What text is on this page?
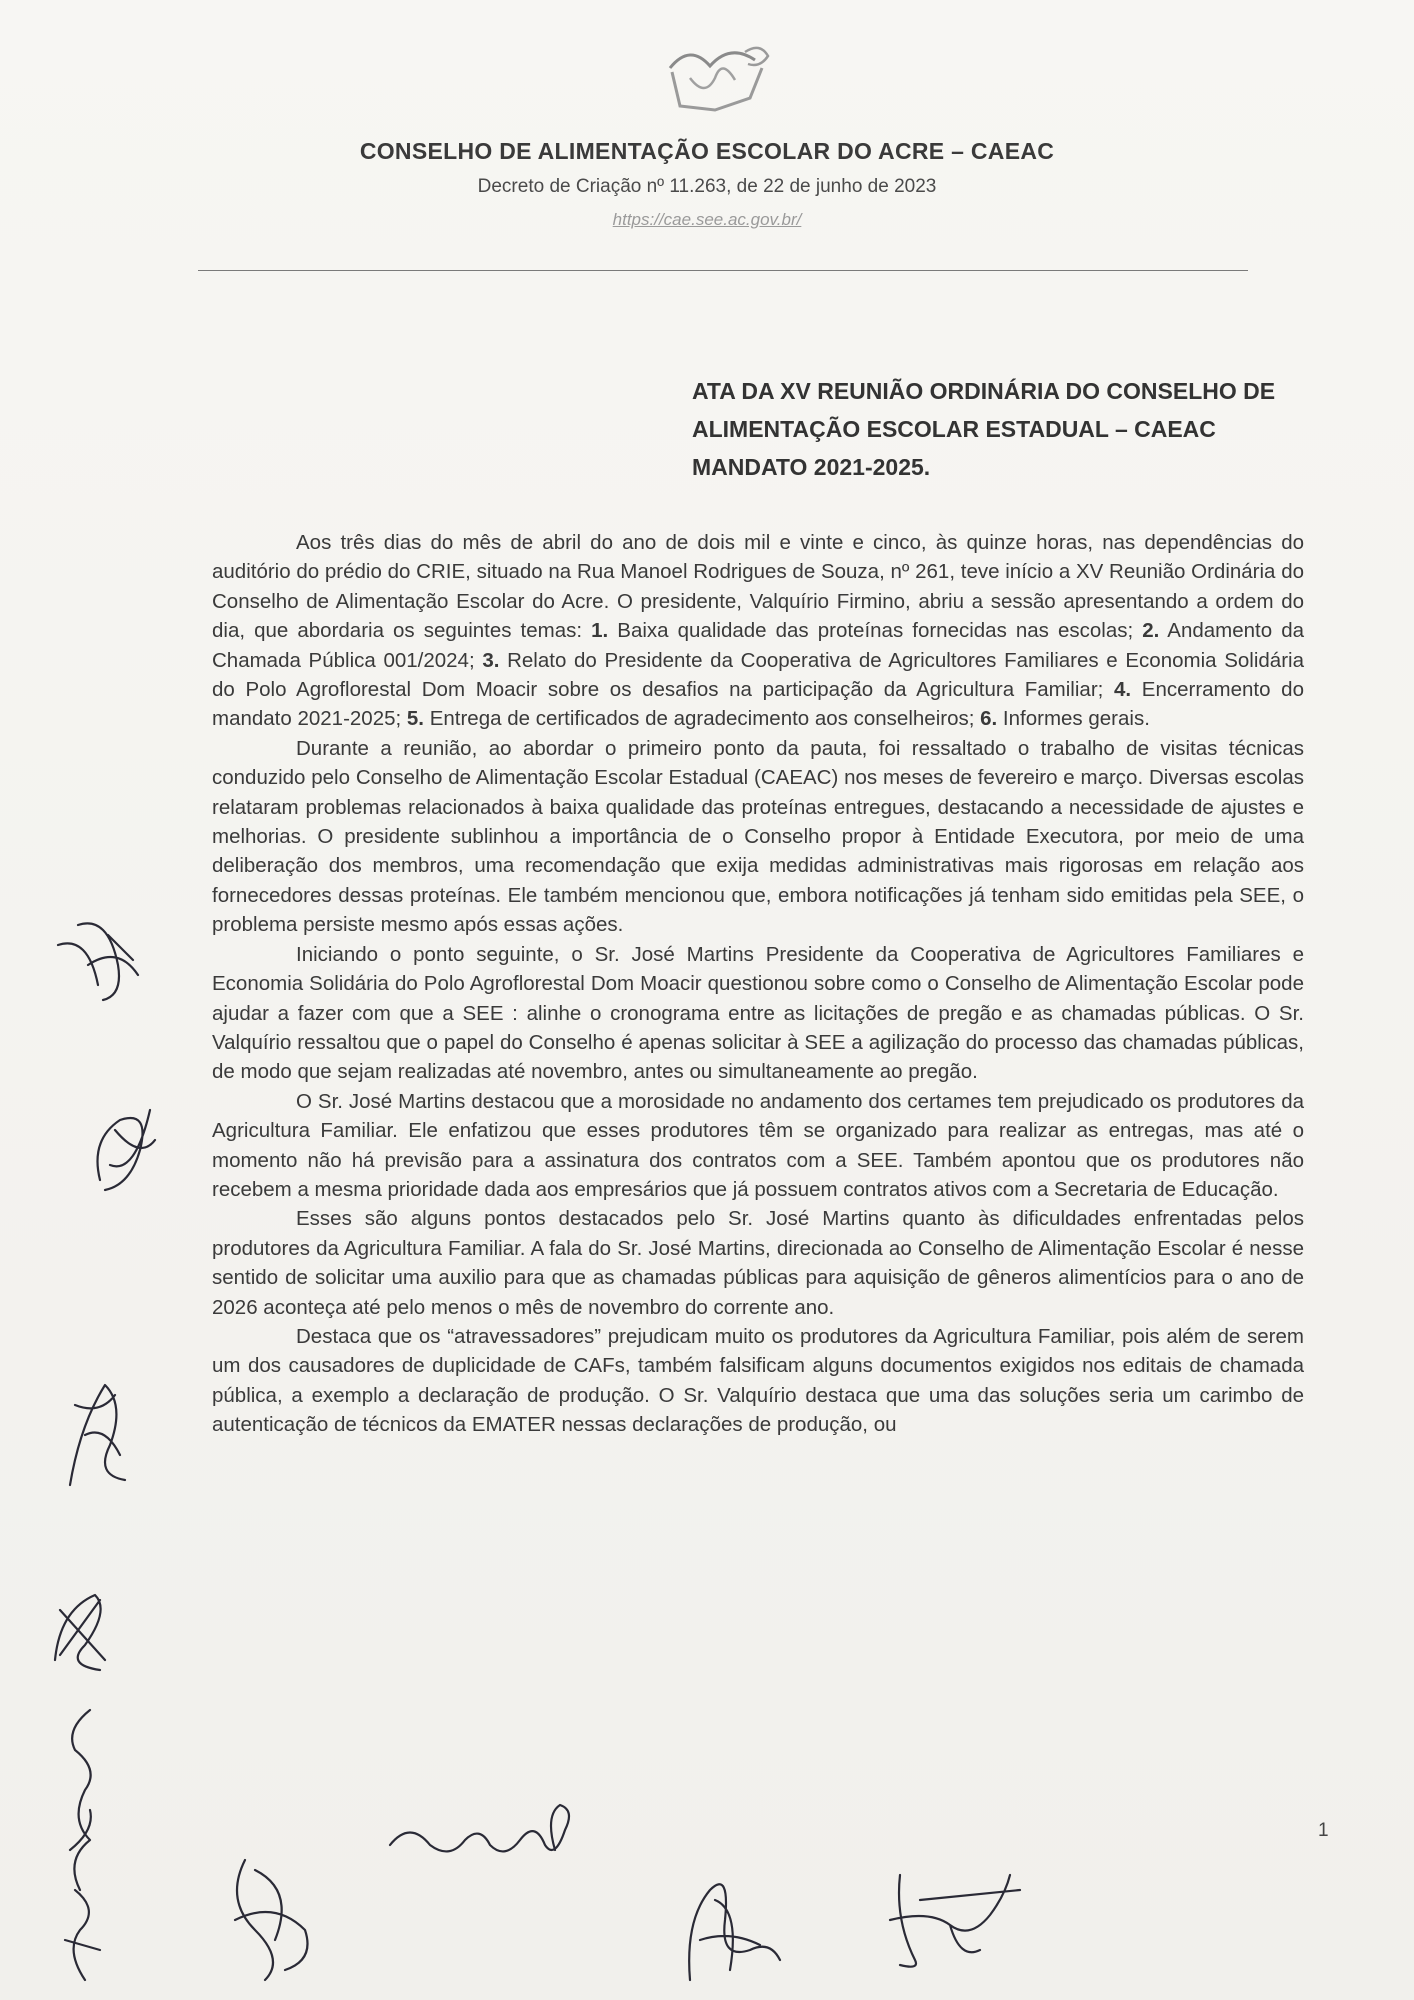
CONSELHO DE ALIMENTAÇÃO ESCOLAR DO ACRE – CAEAC
Decreto de Criação nº 11.263, de 22 de junho de 2023
https://cae.see.ac.gov.br/
ATA DA XV REUNIÃO ORDINÁRIA DO CONSELHO DE
ALIMENTAÇÃO ESCOLAR ESTADUAL – CAEAC
MANDATO 2021-2025.

Aos três dias do mês de abril do ano de dois mil e vinte e cinco, às quinze horas, nas dependências do auditório do prédio do CRIE, situado na Rua Manoel Rodrigues de Souza, nº 261, teve início a XV Reunião Ordinária do Conselho de Alimentação Escolar do Acre. O presidente, Valquírio Firmino, abriu a sessão apresentando a ordem do dia, que abordaria os seguintes temas: 1. Baixa qualidade das proteínas fornecidas nas escolas; 2. Andamento da Chamada Pública 001/2024; 3. Relato do Presidente da Cooperativa de Agricultores Familiares e Economia Solidária do Polo Agroflorestal Dom Moacir sobre os desafios na participação da Agricultura Familiar; 4. Encerramento do mandato 2021-2025; 5. Entrega de certificados de agradecimento aos conselheiros; 6. Informes gerais.

Durante a reunião, ao abordar o primeiro ponto da pauta, foi ressaltado o trabalho de visitas técnicas conduzido pelo Conselho de Alimentação Escolar Estadual (CAEAC) nos meses de fevereiro e março. Diversas escolas relataram problemas relacionados à baixa qualidade das proteínas entregues, destacando a necessidade de ajustes e melhorias. O presidente sublinhou a importância de o Conselho propor à Entidade Executora, por meio de uma deliberação dos membros, uma recomendação que exija medidas administrativas mais rigorosas em relação aos fornecedores dessas proteínas. Ele também mencionou que, embora notificações já tenham sido emitidas pela SEE, o problema persiste mesmo após essas ações.

Iniciando o ponto seguinte, o Sr. José Martins Presidente da Cooperativa de Agricultores Familiares e Economia Solidária do Polo Agroflorestal Dom Moacir questionou sobre como o Conselho de Alimentação Escolar pode ajudar a fazer com que a SEE : alinhe o cronograma entre as licitações de pregão e as chamadas públicas. O Sr. Valquírio ressaltou que o papel do Conselho é apenas solicitar à SEE a agilização do processo das chamadas públicas, de modo que sejam realizadas até novembro, antes ou simultaneamente ao pregão.

O Sr. José Martins destacou que a morosidade no andamento dos certames tem prejudicado os produtores da Agricultura Familiar. Ele enfatizou que esses produtores têm se organizado para realizar as entregas, mas até o momento não há previsão para a assinatura dos contratos com a SEE. Também apontou que os produtores não recebem a mesma prioridade dada aos empresários que já possuem contratos ativos com a Secretaria de Educação.

Esses são alguns pontos destacados pelo Sr. José Martins quanto às dificuldades enfrentadas pelos produtores da Agricultura Familiar. A fala do Sr. José Martins, direcionada ao Conselho de Alimentação Escolar é nesse sentido de solicitar uma auxilio para que as chamadas públicas para aquisição de gêneros alimentícios para o ano de 2026 aconteça até pelo menos o mês de novembro do corrente ano.

Destaca que os “atravessadores” prejudicam muito os produtores da Agricultura Familiar, pois além de serem um dos causadores de duplicidade de CAFs, também falsificam alguns documentos exigidos nos editais de chamada pública, a exemplo a declaração de produção. O Sr. Valquírio destaca que uma das soluções seria um carimbo de autenticação de técnicos da EMATER nessas declarações de produção, ou

1
